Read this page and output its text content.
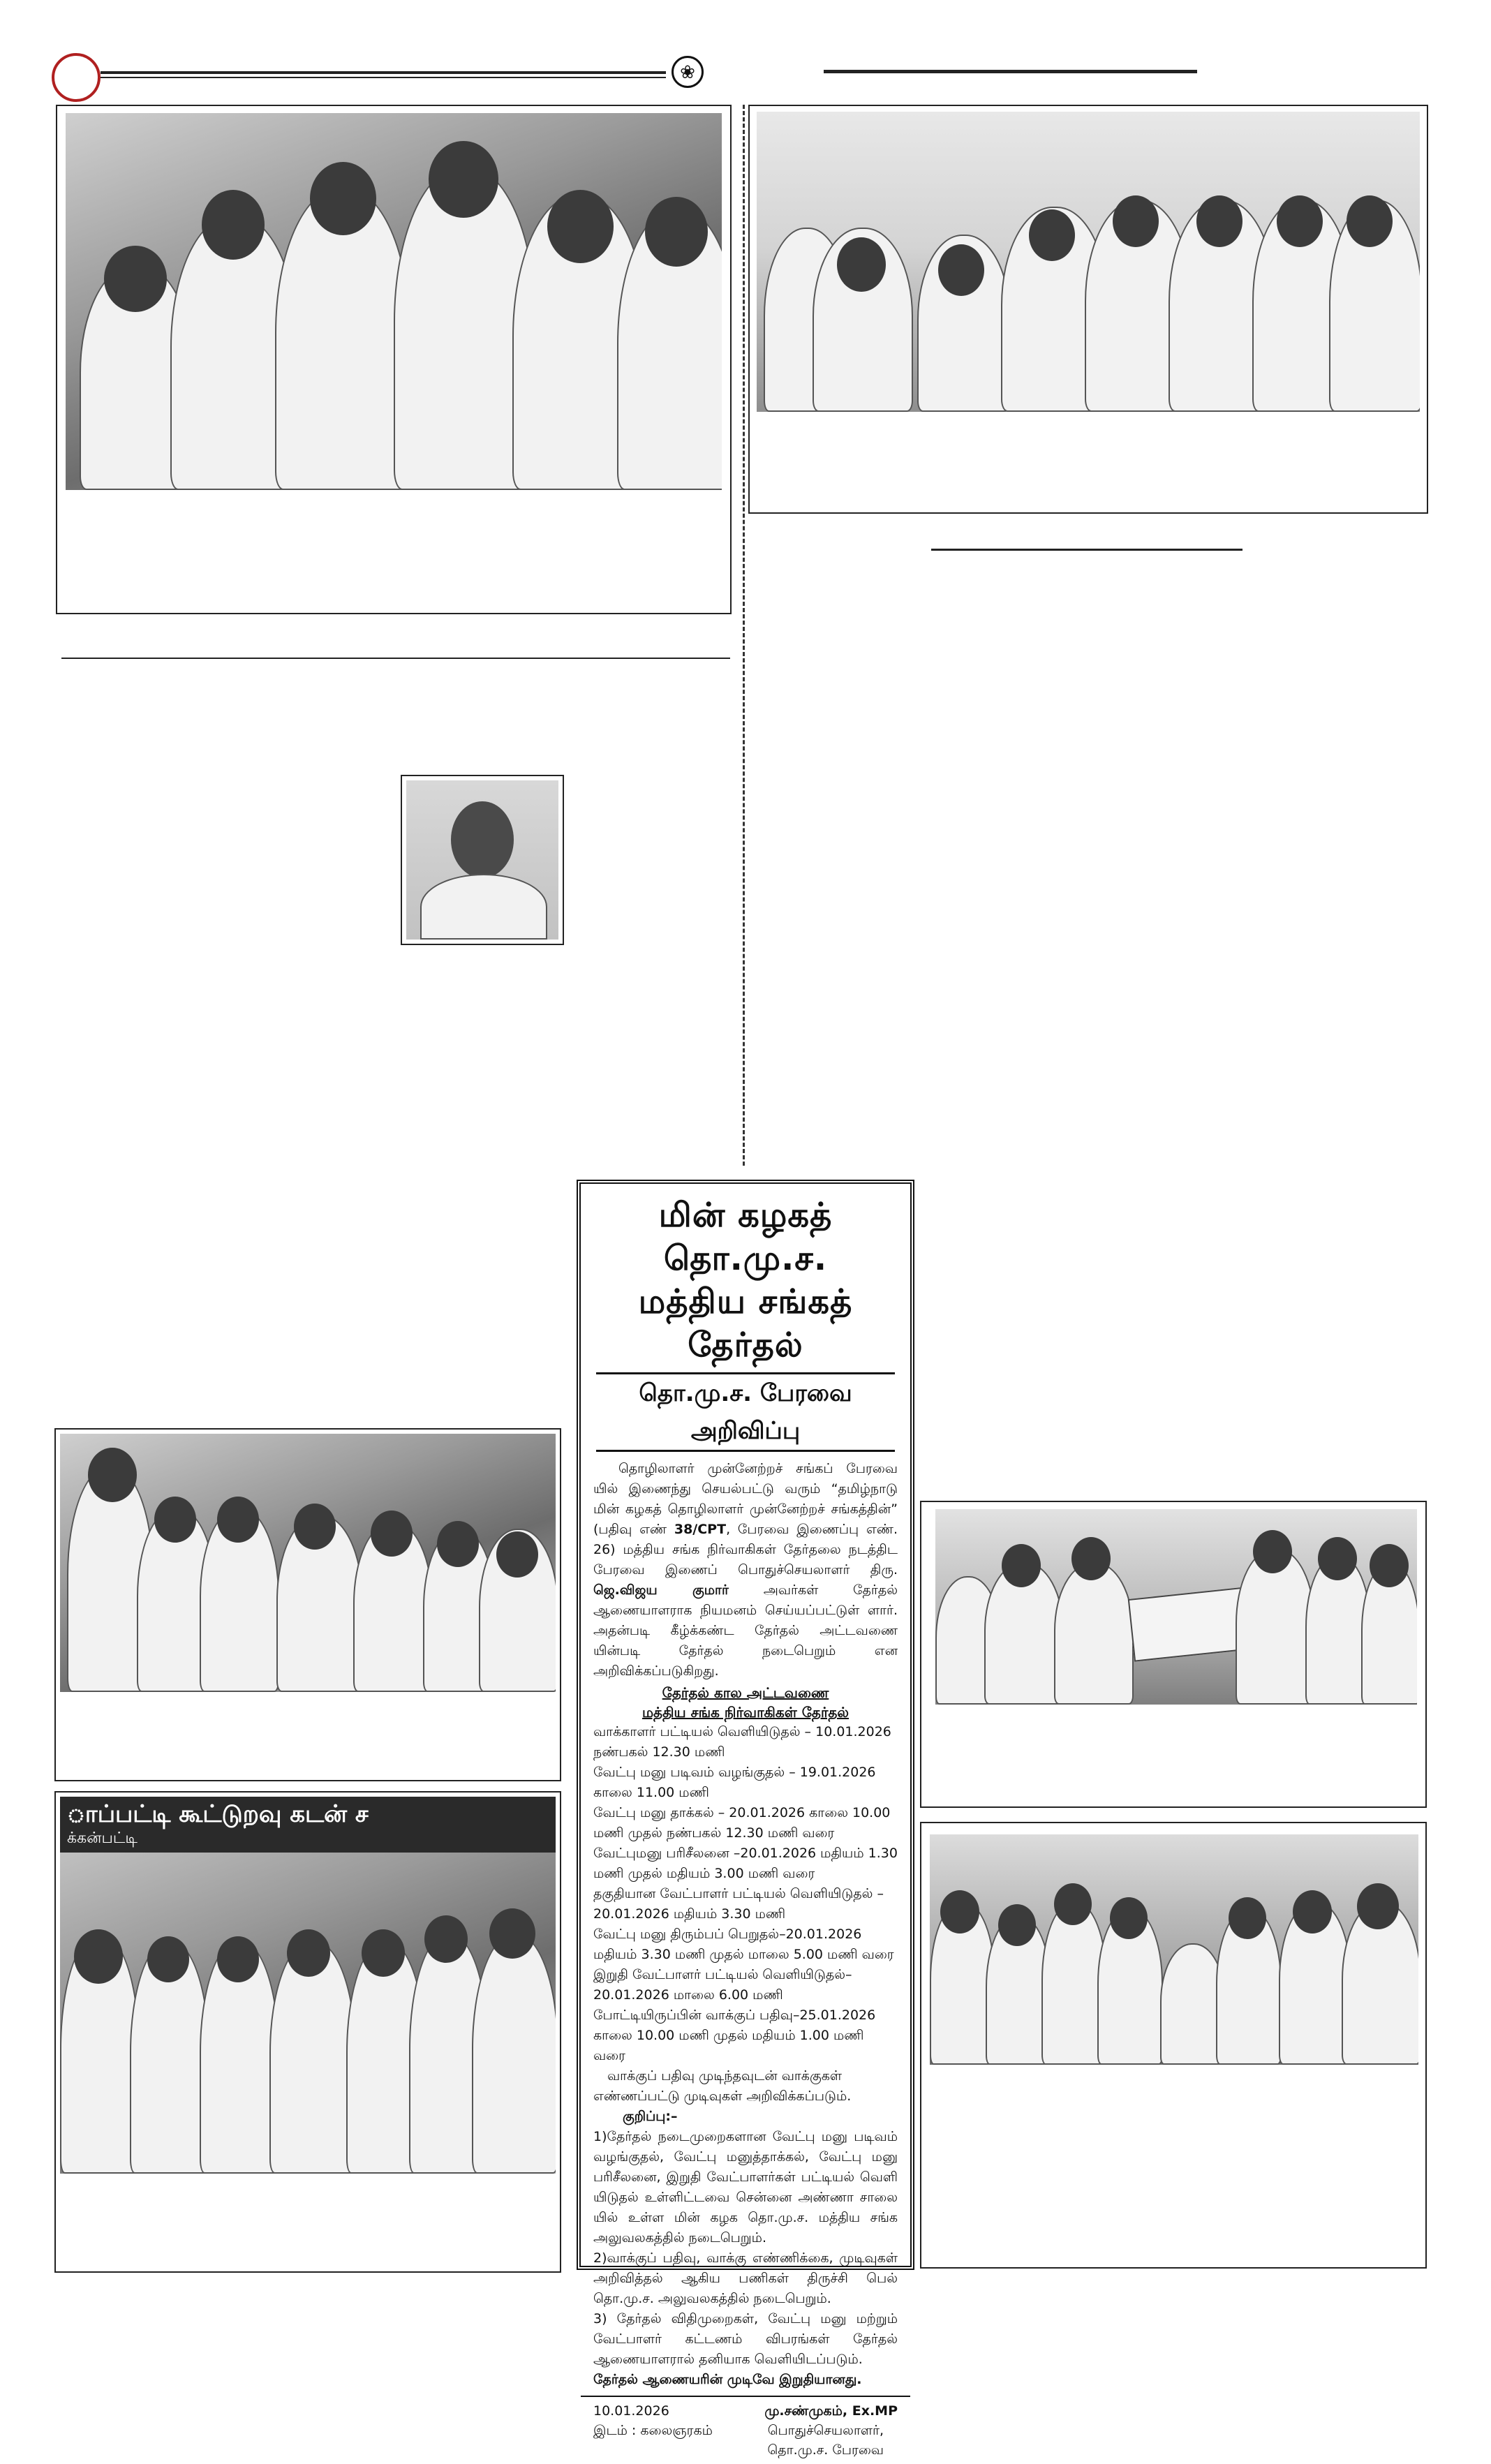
❀
ாப்பட்டி கூட்டுறவு கடன் ச
க்கன்பட்டி
மின் கழகத் தொ.மு.ச.
மத்திய சங்கத் தேர்தல்
தொ.மு.ச. பேரவை அறிவிப்பு
தொழிலாளர் முன்னேற்றச் சங்கப் பேரவை யில் இணைந்து செயல்பட்டு வரும் “தமிழ்நாடு மின் கழகத் தொழிலாளர் முன்னேற்றச் சங்கத்தின்” (பதிவு எண் 38/CPT, பேரவை இணைப்பு எண். 26) மத்திய சங்க நிர்வாகிகள் தேர்தலை நடத்திட பேரவை இணைப் பொதுச்செயலாளர் திரு. ஜெ.விஜய குமார்	அவர்கள் தேர்தல் ஆணையாளராக நியமனம் செய்யப்பட்டுள் ளார். அதன்படி கீழ்க்கண்ட தேர்தல் அட்டவணை யின்படி தேர்தல் நடைபெறும் என அறிவிக்கப்படுகிறது.
தேர்தல் கால அட்டவணை
மத்திய சங்க நிர்வாகிகள் தேர்தல்
வாக்காளர் பட்டியல் வெளியிடுதல் – 10.01.2026 நண்பகல் 12.30 மணி
வேட்பு மனு படிவம் வழங்குதல் – 19.01.2026 காலை 11.00 மணி
வேட்பு மனு தாக்கல் – 20.01.2026 காலை 10.00 மணி முதல் நண்பகல் 12.30 மணி வரை
வேட்புமனு பரிசீலனை –20.01.2026 மதியம் 1.30 மணி முதல் மதியம் 3.00 மணி வரை
தகுதியான வேட்பாளர் பட்டியல் வெளியிடுதல் – 20.01.2026 மதியம் 3.30 மணி
வேட்பு மனு திரும்பப் பெறுதல்–20.01.2026 மதியம் 3.30 மணி முதல் மாலை 5.00 மணி வரை
இறுதி வேட்பாளர் பட்டியல் வெளியிடுதல்–20.01.2026 மாலை 6.00 மணி
போட்டியிருப்பின் வாக்குப் பதிவு–25.01.2026 காலை 10.00 மணி முதல் மதியம் 1.00 மணி வரை
வாக்குப் பதிவு முடிந்தவுடன் வாக்குகள் எண்ணப்பட்டு முடிவுகள் அறிவிக்கப்படும்.
குறிப்பு:–
1)தேர்தல் நடைமுறைகளான வேட்பு மனு படிவம் வழங்குதல், வேட்பு மனுத்தாக்கல், வேட்பு மனு பரிசீலனை, இறுதி வேட்பாளர்கள் பட்டியல் வெளி யிடுதல் உள்ளிட்டவை சென்னை அண்ணா சாலை யில் உள்ள மின் கழக தொ.மு.ச. மத்திய சங்க அலுவலகத்தில் நடைபெறும்.
2)வாக்குப் பதிவு, வாக்கு எண்ணிக்கை, முடிவுகள் அறிவித்தல் ஆகிய பணிகள் திருச்சி பெல் தொ.மு.ச. அலுவலகத்தில் நடைபெறும்.
3) தேர்தல் விதிமுறைகள், வேட்பு மனு மற்றும் வேட்பாளர் கட்டணம் விபரங்கள் தேர்தல் ஆணையாளரால் தனியாக வெளியிடப்படும்.
தேர்தல் ஆணையரின் முடிவே இறுதியானது.
10.01.2026	மு.சண்முகம், Ex.MP
இடம் : கலைஞரகம்	பொதுச்செயலாளர்,
தொ.மு.ச. பேரவை
